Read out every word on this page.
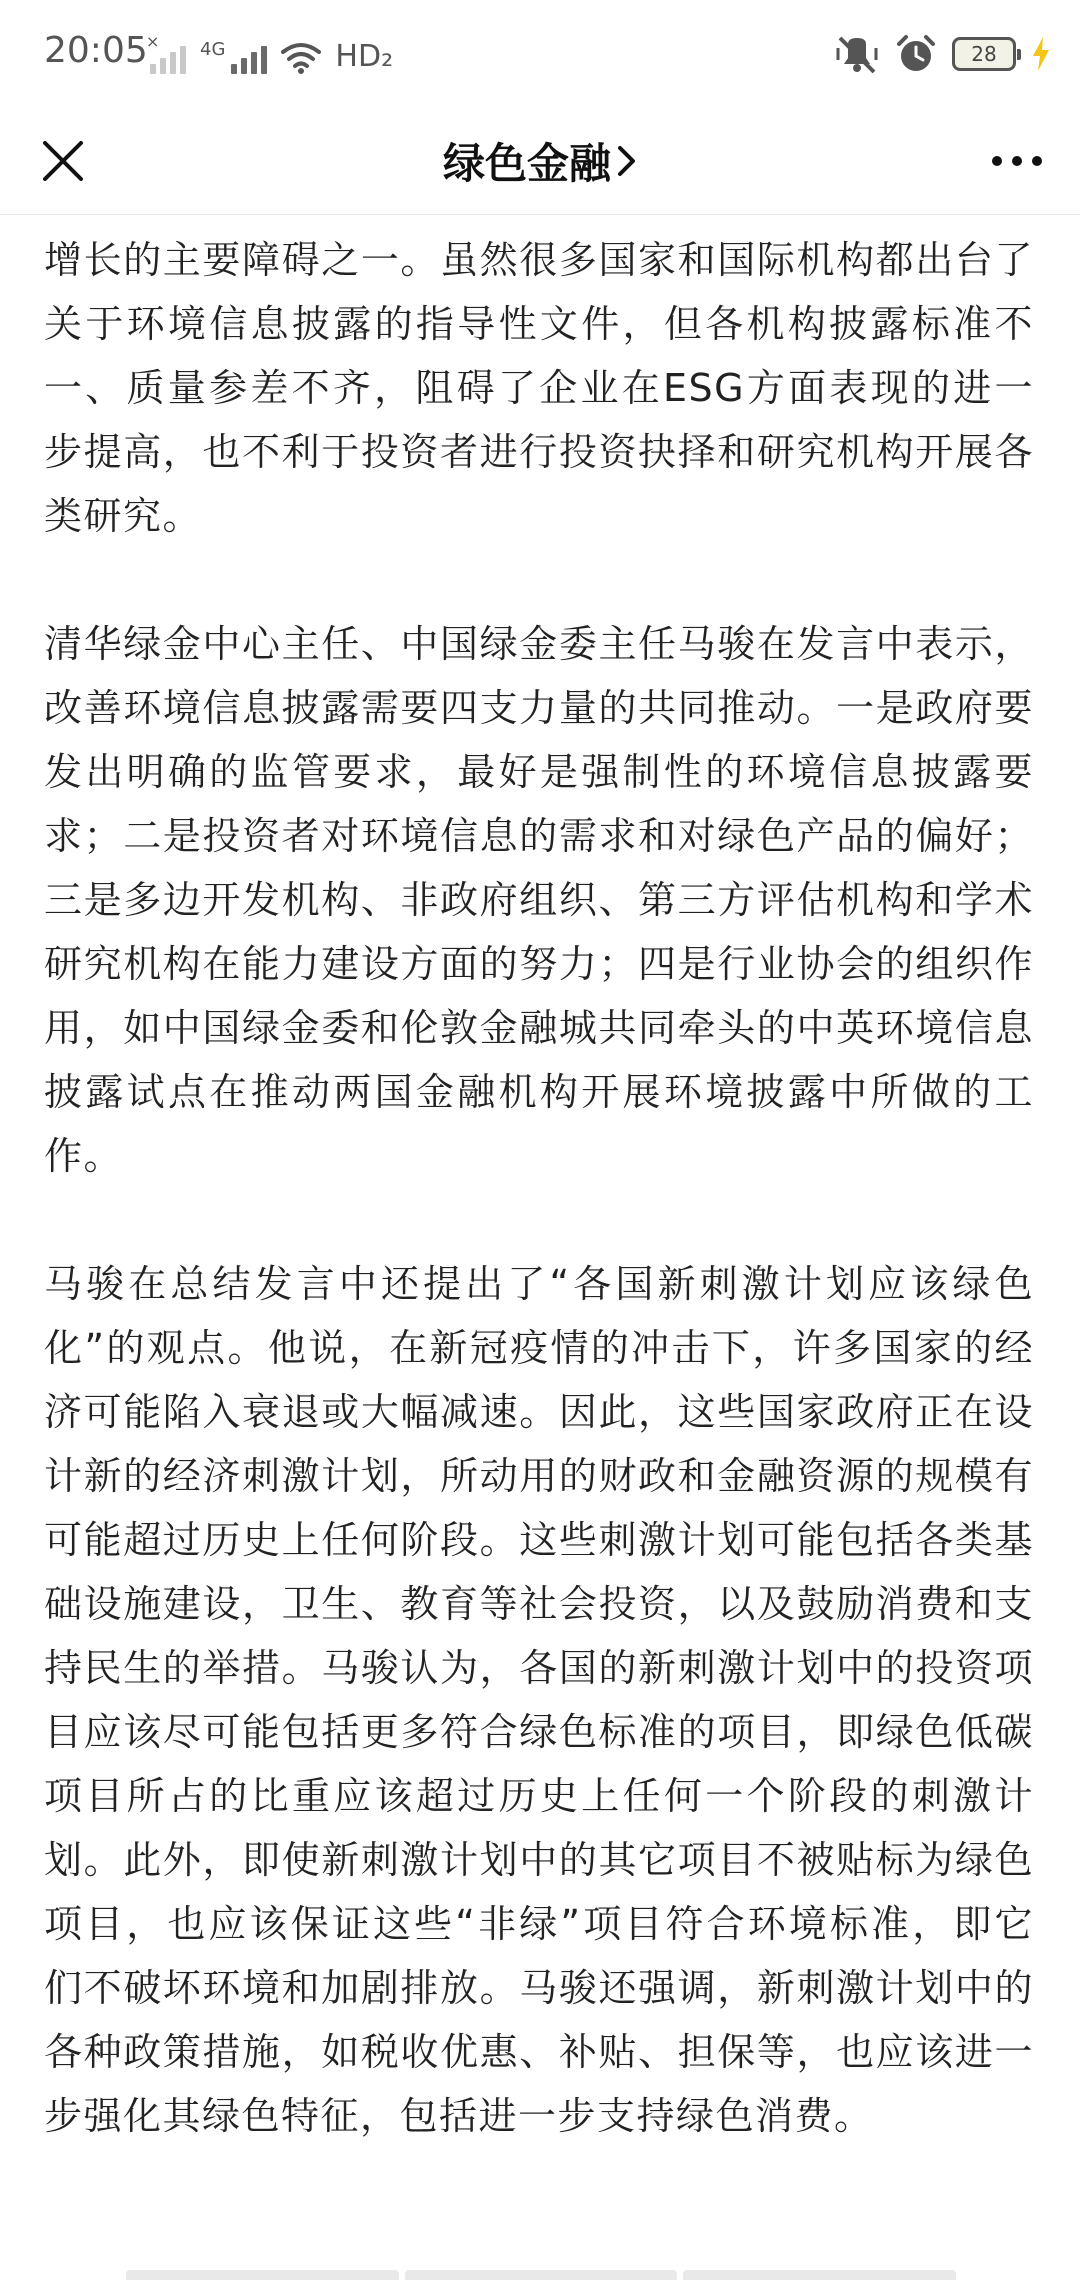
20:05
× 4G	HD₂	28
绿色金融

增长的主要障碍之一。虽然很多国家和国际机构都出台了关于环境信息披露的指导性文件，但各机构披露标准不一、质量参差不齐，阻碍了企业在ESG方面表现的进一步提高，也不利于投资者进行投资抉择和研究机构开展各类研究。

清华绿金中心主任、中国绿金委主任马骏在发言中表示，改善环境信息披露需要四支力量的共同推动。一是政府要发出明确的监管要求，最好是强制性的环境信息披露要求；二是投资者对环境信息的需求和对绿色产品的偏好；三是多边开发机构、非政府组织、第三方评估机构和学术研究机构在能力建设方面的努力；四是行业协会的组织作用，如中国绿金委和伦敦金融城共同牵头的中英环境信息披露试点在推动两国金融机构开展环境披露中所做的工作。

马骏在总结发言中还提出了“各国新刺激计划应该绿色化”的观点。他说，在新冠疫情的冲击下，许多国家的经济可能陷入衰退或大幅减速。因此，这些国家政府正在设计新的经济刺激计划，所动用的财政和金融资源的规模有可能超过历史上任何阶段。这些刺激计划可能包括各类基础设施建设，卫生、教育等社会投资，以及鼓励消费和支持民生的举措。马骏认为，各国的新刺激计划中的投资项目应该尽可能包括更多符合绿色标准的项目，即绿色低碳项目所占的比重应该超过历史上任何一个阶段的刺激计划。此外，即使新刺激计划中的其它项目不被贴标为绿色项目，也应该保证这些“非绿”项目符合环境标准，即它们不破坏环境和加剧排放。马骏还强调，新刺激计划中的各种政策措施，如税收优惠、补贴、担保等，也应该进一步强化其绿色特征，包括进一步支持绿色消费。
